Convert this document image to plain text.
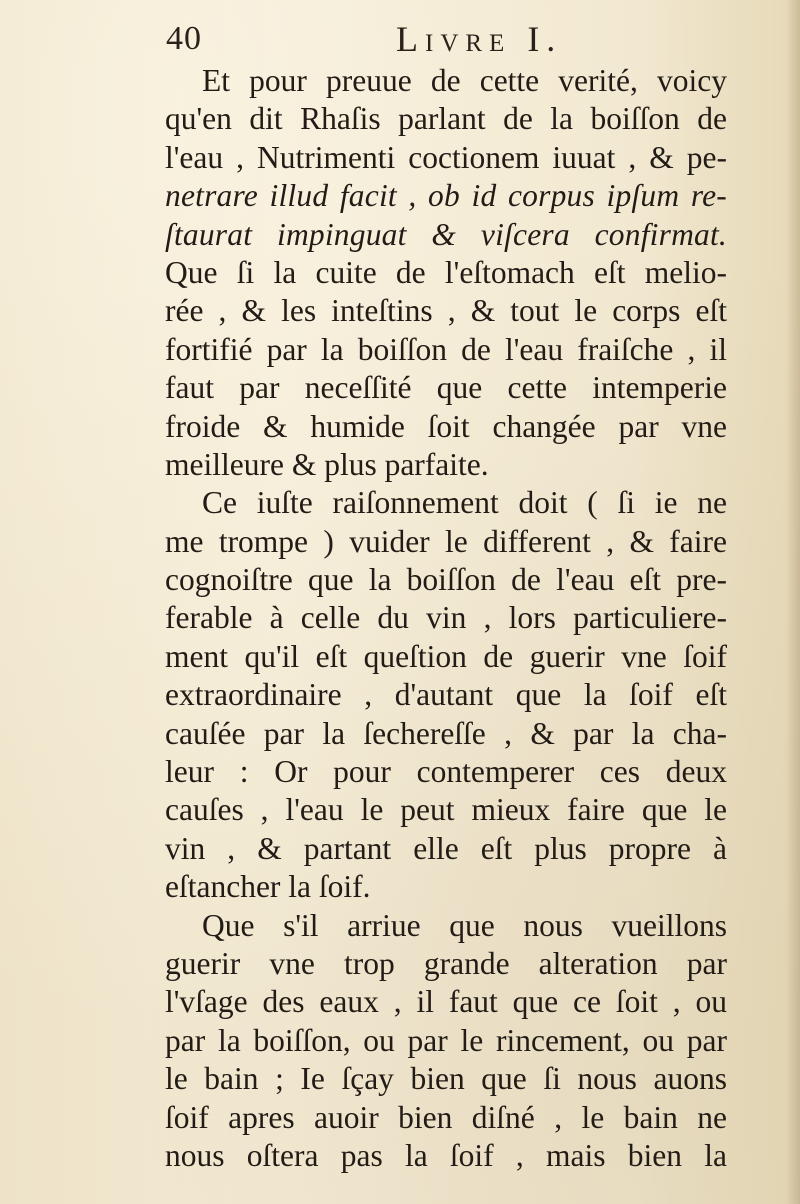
40	Livre I.
Et pour preuue de cette verité, voicy
qu'en dit Rhaſis parlant de la boiſſon de
l'eau , Nutrimenti coctionem iuuat , & pe-
netrare illud facit , ob id corpus ipſum re-
ſtaurat impinguat & viſcera confirmat.
Que ſi la cuite de l'eſtomach eſt melio-
rée , & les inteſtins , & tout le corps eſt
fortifié par la boiſſon de l'eau fraiſche , il
faut par neceſſité que cette intemperie
froide & humide ſoit changée par vne
meilleure & plus parfaite.
Ce iuſte raiſonnement doit ( ſi ie ne
me trompe ) vuider le different , & faire
cognoiſtre que la boiſſon de l'eau eſt pre-
ferable à celle du vin , lors particuliere-
ment qu'il eſt queſtion de guerir vne ſoif
extraordinaire , d'autant que la ſoif eſt
cauſée par la ſechereſſe , & par la cha-
leur : Or pour contemperer ces deux
cauſes , l'eau le peut mieux faire que le
vin , & partant elle eſt plus propre à
eſtancher la ſoif.
Que s'il arriue que nous vueillons
guerir vne trop grande alteration par
l'vſage des eaux , il faut que ce ſoit , ou
par la boiſſon, ou par le rincement, ou par
le bain ; Ie ſçay bien que ſi nous auons
ſoif apres auoir bien diſné , le bain ne
nous oſtera pas la ſoif , mais bien la
